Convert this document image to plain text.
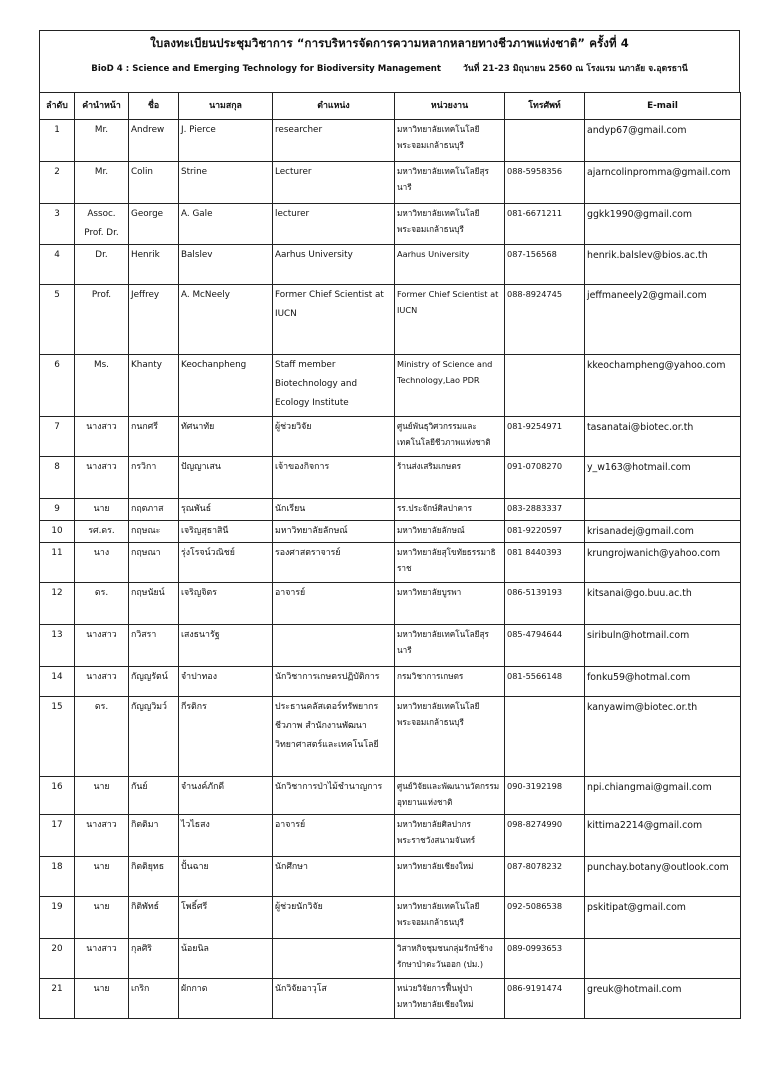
ใบลงทะเบียนประชุมวิชาการ “การบริหารจัดการความหลากหลายทางชีวภาพแห่งชาติ” ครั้งที่ 4
BioD 4 : Science and Emerging Technology for Biodiversity Management	วันที่ 21-23 มิถุนายน 2560 ณ โรงแรม นภาลัย จ.อุดรธานี
ลำดับ	คำนำหน้า	ชื่อ	นามสกุล	ตำแหน่ง	หน่วยงาน	โทรศัพท์	E-mail
1	Mr.	Andrew	J. Pierce	researcher	มหาวิทยาลัยเทคโนโลยีพระจอมเกล้าธนบุรี		andyp67@gmail.com
2	Mr.	Colin	Strine	Lecturer	มหาวิทยาลัยเทคโนโลยีสุรนารี	088-5958356	ajarncolinpromma@gmail.com
3	Assoc. Prof. Dr.	George	A. Gale	lecturer	มหาวิทยาลัยเทคโนโลยีพระจอมเกล้าธนบุรี	081-6671211	ggkk1990@gmail.com
4	Dr.	Henrik	Balslev	Aarhus University	Aarhus University	087-156568	henrik.balslev@bios.ac.th
5	Prof.	Jeffrey	A. McNeely	Former Chief Scientist at IUCN	Former Chief Scientist at IUCN	088-8924745	jeffmaneely2@gmail.com
6	Ms.	Khanty	Keochanpheng	Staff member Biotechnology and Ecology Institute	Ministry of Science and Technology,Lao PDR		kkeochampheng@yahoo.com
7	นางสาว	กนกศรี	ทัศนาทัย	ผู้ช่วยวิจัย	ศูนย์พันธุวิศวกรรมและเทคโนโลยีชีวภาพแห่งชาติ	081-9254971	tasanatai@biotec.or.th
8	นางสาว	กรวิกา	ปัญญาเสน	เจ้าของกิจการ	ร้านส่งเสริมเกษตร	091-0708270	y_w163@hotmail.com
9	นาย	กฤตภาส	รุณพันธ์	นักเรียน	รร.ประจักษ์ศิลปาคาร	083-2883337	
10	รศ.ดร.	กฤษณะ	เจริญสุธาสินี	มหาวิทยาลัยลักษณ์	มหาวิทยาลัยลักษณ์	081-9220597	krisanadej@gmail.com
11	นาง	กฤษณา	รุ่งโรจน์วณิชย์	รองศาสตราจารย์	มหาวิทยาลัยสุโขทัยธรรมาธิราช	081 8440393	krungrojwanich@yahoo.com
12	ดร.	กฤษนัยน์	เจริญจิตร	อาจารย์	มหาวิทยาลัยบูรพา	086-5139193	kitsanai@go.buu.ac.th
13	นางสาว	กวิสรา	เสงธนารัฐ		มหาวิทยาลัยเทคโนโลยีสุรนารี	085-4794644	siribuln@hotmail.com
14	นางสาว	กัญญรัตน์	จำปาทอง	นักวิชาการเกษตรปฏิบัติการ	กรมวิชาการเกษตร	081-5566148	fonku59@hotmal.com
15	ดร.	กัญญวิมว์	กีรติกร	ประธานคลัสเตอร์ทรัพยากรชีวภาพ สำนักงานพัฒนาวิทยาศาสตร์และเทคโนโลยี	มหาวิทยาลัยเทคโนโลยีพระจอมเกล้าธนบุรี		kanyawim@biotec.or.th
16	นาย	กันย์	จำนงค์ภักดี	นักวิชาการป่าไม้ชำนาญการ	ศูนย์วิจัยและพัฒนานวัตกรรมอุทยานแห่งชาติ	090-3192198	npi.chiangmai@gmail.com
17	นางสาว	กิตติมา	ไวไธสง	อาจารย์	มหาวิทยาลัยศิลปากร พระราชวังสนามจันทร์	098-8274990	kittima2214@gmail.com
18	นาย	กิตติยุทธ	ปั้นฉาย	นักศึกษา	มหาวิทยาลัยเชียงใหม่	087-8078232	punchay.botany@outlook.com
19	นาย	กิติพัทธ์	โพธิ์ศรี	ผู้ช่วยนักวิจัย	มหาวิทยาลัยเทคโนโลยีพระจอมเกล้าธนบุรี	092-5086538	pskitipat@gmail.com
20	นางสาว	กุลศิริ	น้อยนิล		วิสาหกิจชุมชนกลุ่มรักษ์ช้างรักษาป่าตะวันออก (ปม.)	089-0993653	
21	นาย	เกริก	ผักกาด	นักวิจัยอาวุโส	หน่วยวิจัยการฟื้นฟูป่า มหาวิทยาลัยเชียงใหม่	086-9191474	greuk@hotmail.com
